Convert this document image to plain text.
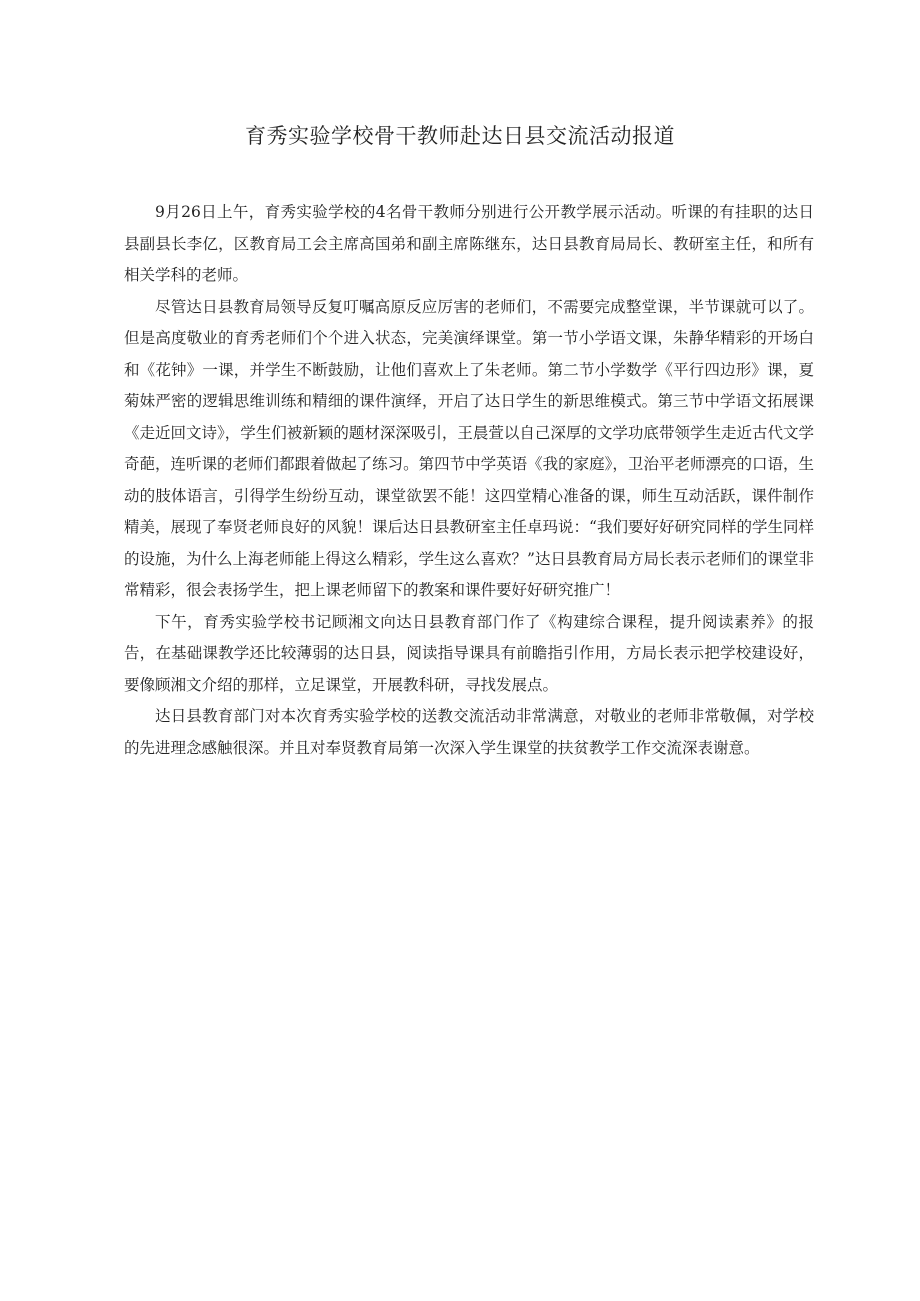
育秀实验学校骨干教师赴达日县交流活动报道

9月26日上午，育秀实验学校的4名骨干教师分别进行公开教学展示活动。听课的有挂职的达日县副县长李亿，区教育局工会主席高国弟和副主席陈继东，达日县教育局局长、教研室主任，和所有相关学科的老师。

尽管达日县教育局领导反复叮嘱高原反应厉害的老师们，不需要完成整堂课，半节课就可以了。但是高度敬业的育秀老师们个个进入状态，完美演绎课堂。第一节小学语文课，朱静华精彩的开场白和《花钟》一课，并学生不断鼓励，让他们喜欢上了朱老师。第二节小学数学《平行四边形》课，夏菊妹严密的逻辑思维训练和精细的课件演绎，开启了达日学生的新思维模式。第三节中学语文拓展课《走近回文诗》，学生们被新颖的题材深深吸引，王晨萱以自己深厚的文学功底带领学生走近古代文学奇葩，连听课的老师们都跟着做起了练习。第四节中学英语《我的家庭》，卫治平老师漂亮的口语，生动的肢体语言，引得学生纷纷互动，课堂欲罢不能！这四堂精心准备的课，师生互动活跃，课件制作精美，展现了奉贤老师良好的风貌！课后达日县教研室主任卓玛说：“我们要好好研究同样的学生同样的设施，为什么上海老师能上得这么精彩，学生这么喜欢？”达日县教育局方局长表示老师们的课堂非常精彩，很会表扬学生，把上课老师留下的教案和课件要好好研究推广！

下午，育秀实验学校书记顾湘文向达日县教育部门作了《构建综合课程，提升阅读素养》的报告，在基础课教学还比较薄弱的达日县，阅读指导课具有前瞻指引作用，方局长表示把学校建设好，要像顾湘文介绍的那样，立足课堂，开展教科研，寻找发展点。

达日县教育部门对本次育秀实验学校的送教交流活动非常满意，对敬业的老师非常敬佩，对学校的先进理念感触很深。并且对奉贤教育局第一次深入学生课堂的扶贫教学工作交流深表谢意。
